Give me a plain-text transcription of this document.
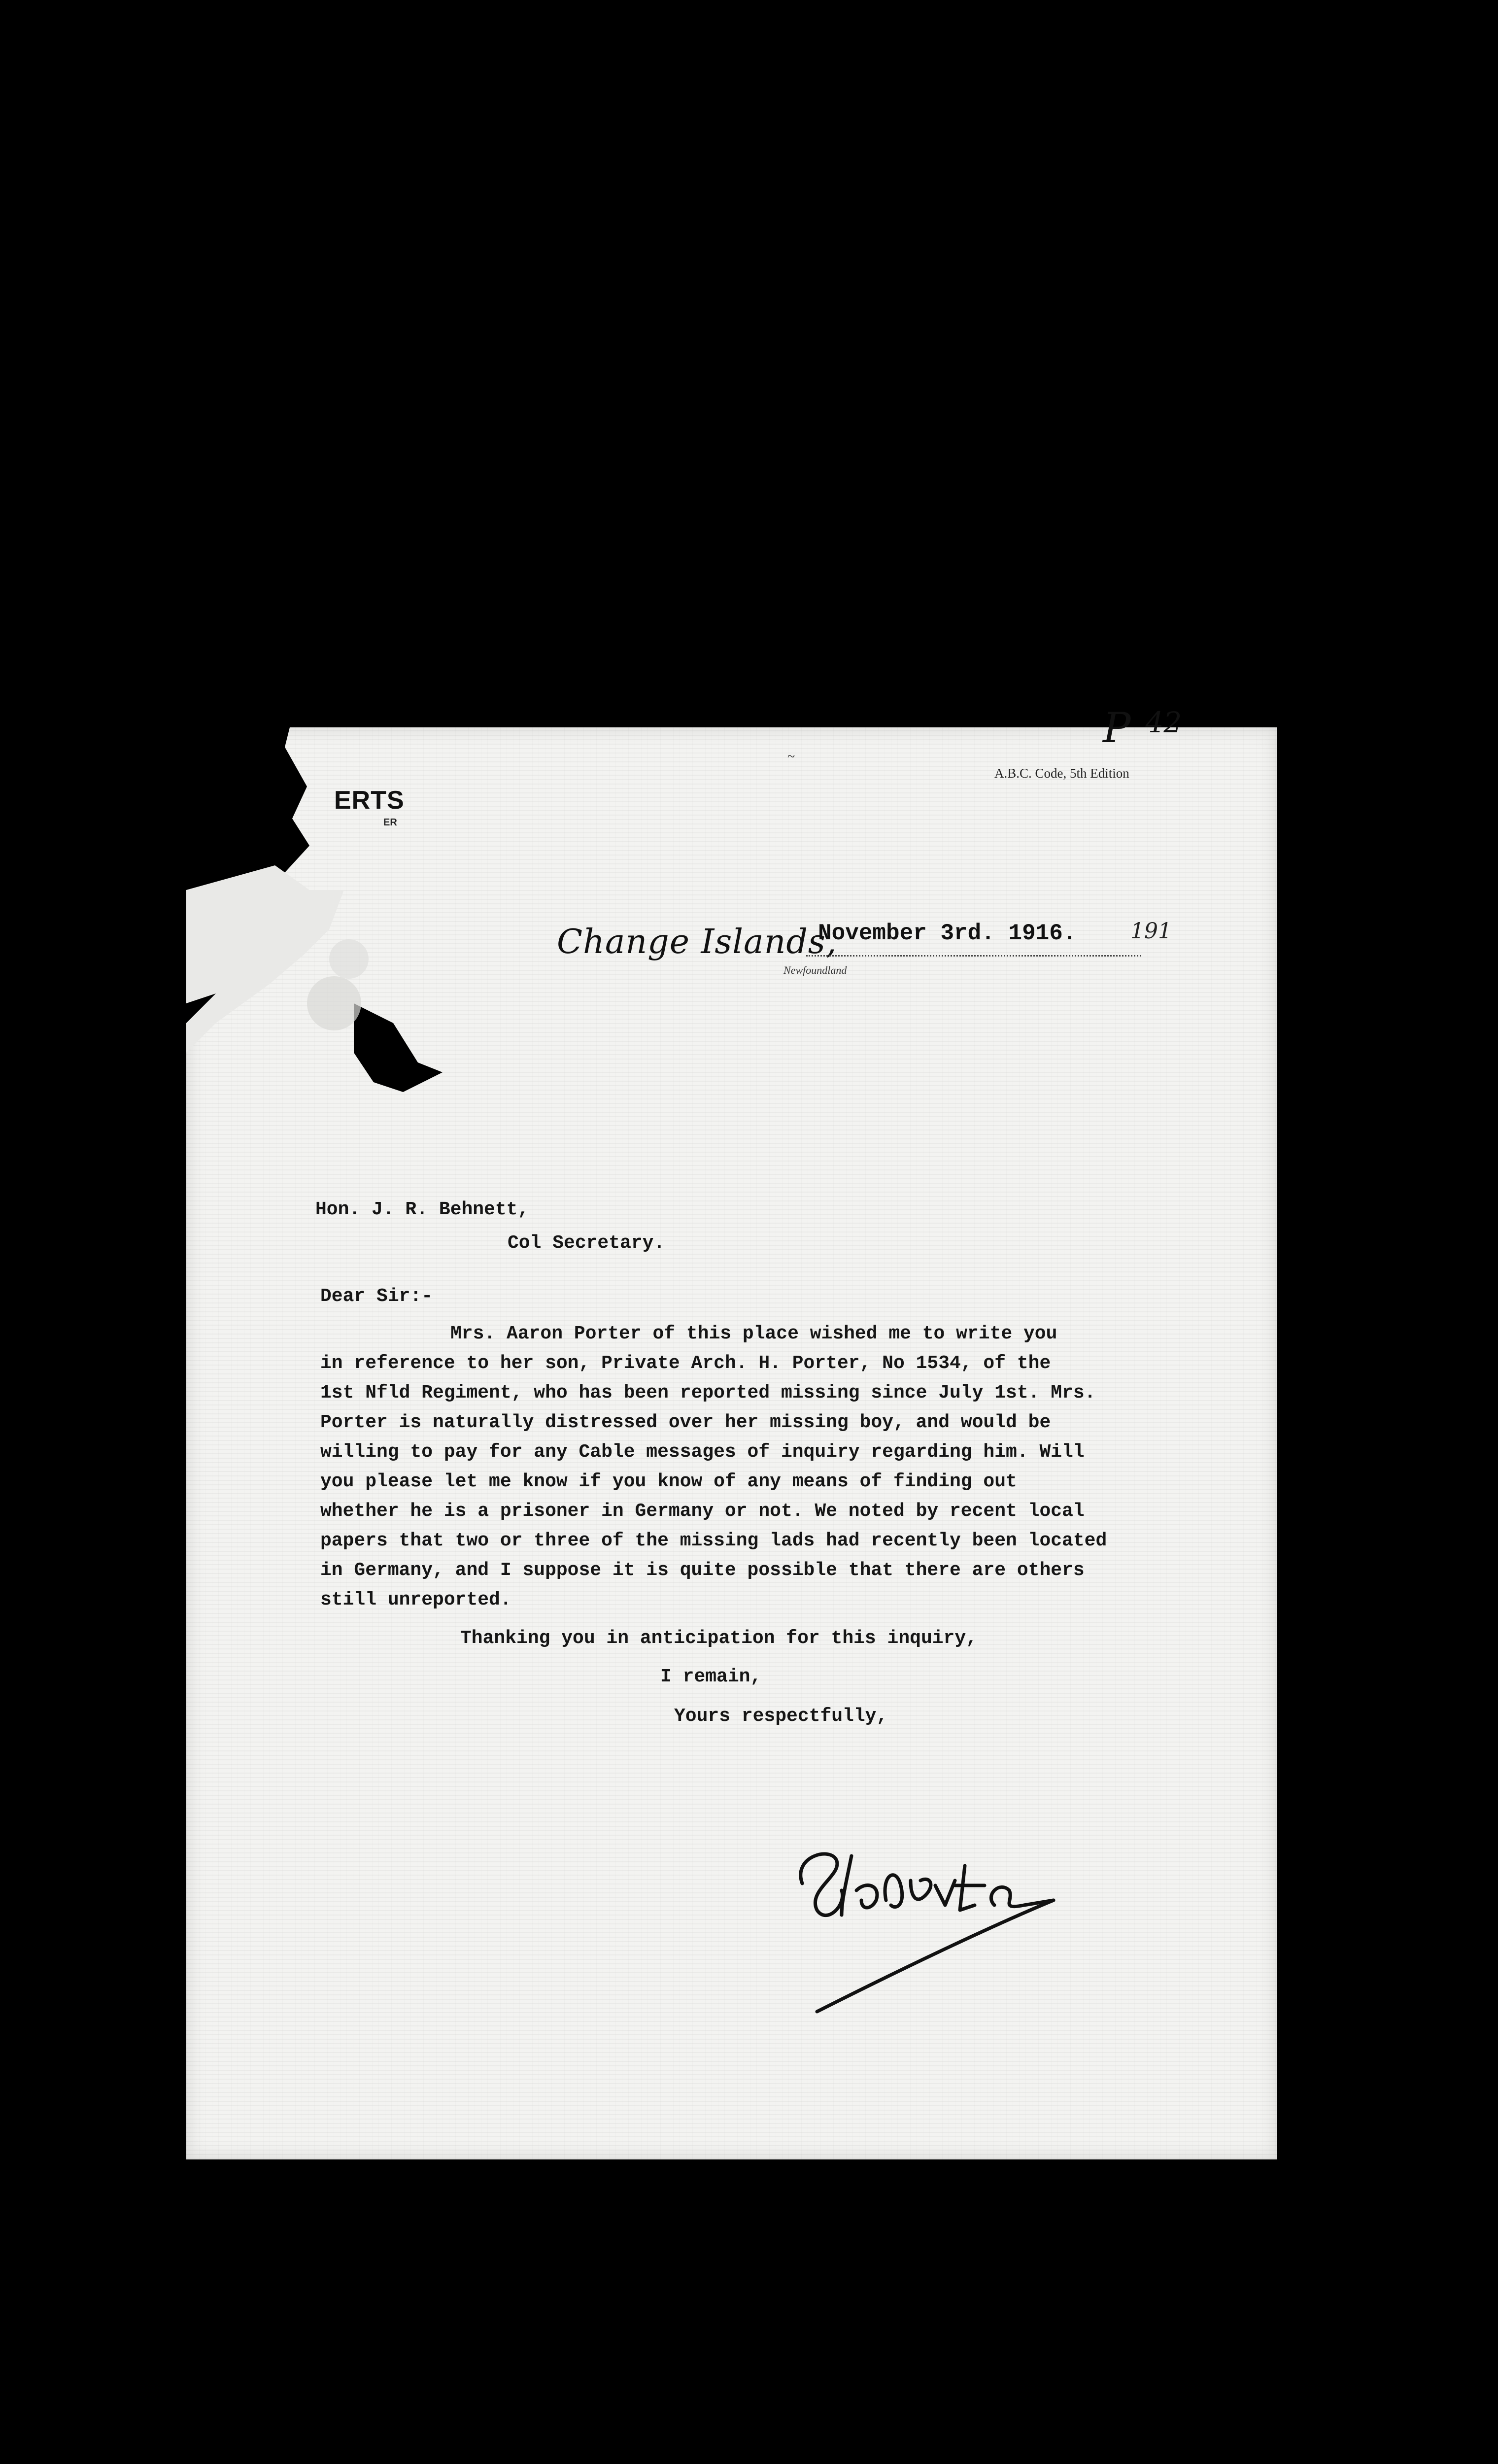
ERTS
ER
~
A.B.C. Code, 5th Edition
P $^{42}$
Change Islands,
Newfoundland
November 3rd. 1916. 191
Hon. J. R. Behnett,
Col Secretary.
Dear Sir:-
Mrs. Aaron Porter of this place wished me to write you
in reference to her son, Private Arch. H. Porter, No 1534, of the
1st Nfld Regiment, who has been reported missing since July 1st. Mrs.
Porter is naturally distressed over her missing boy, and would be
willing to pay for any Cable messages of inquiry regarding him. Will
you please let me know if you know of any means of finding out
whether he is a prisoner in Germany or not. We noted by recent local
papers that two or three of the missing lads had recently been located
in Germany, and I suppose it is quite possible that there are others
still unreported.
Thanking you in anticipation for this inquiry,
I remain,
Yours respectfully,
